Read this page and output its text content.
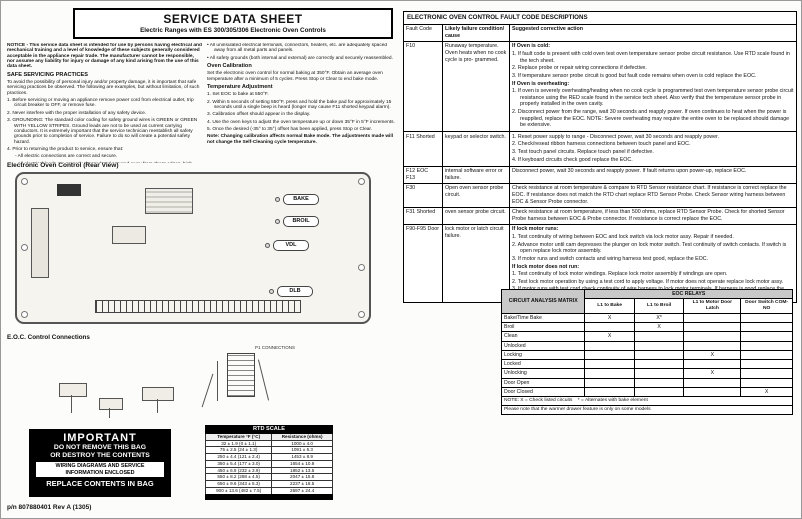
SERVICE DATA SHEET
Electric Ranges with ES 300/305/306 Electronic Oven Controls

NOTICE - This service data sheet is intended for use by persons having electrical and mechanical training and a level of knowledge of these subjects generally considered acceptable in the appliance repair trade. The manufacturer cannot be responsible, nor assume any liability for injury or damage of any kind arising from the use of this data sheet.

SAFE SERVICING PRACTICES

To avoid the possibility of personal injury and/or property damage, it is important that safe servicing practices be observed. The following are examples, but without limitation, of such practices.

1. Before servicing or moving an appliance remove power cord from electrical outlet, trip circuit breaker to OFF, or remove fuse.
2. Never interfere with the proper installation of any safety device.
3. GROUNDING: The standard color coding for safety ground wires is GREEN or GREEN WITH YELLOW STRIPES. Ground leads are not to be used as current carrying conductors. It is extremely important that the service technician reestablish all safety grounds prior to completion of service. Failure to do so will create a potential safety hazard.
4. Prior to returning the product to service, ensure that:
- All electric connections are correct and secure.
• All uninsulated electrical terminals, connectors, heaters, etc. are adequately spaced away from all metal parts and panels.
• All safety grounds (both internal and external) are correctly and securely reassembled.
Oven Calibration

Set the electronic oven control for normal baking at 350°F. Obtain an average oven temperature after a minimum of 5 cycles. Press Stop or Clear to end bake mode.

Temperature Adjustment
1. Set EOC to bake at 550°F.
2. Within 5 seconds of setting 550°F, press and hold the bake pad for approximately 15 seconds until a single beep is heard (longer may cause F11 shorted keypad alarm).
3. Calibration offset should appear in the display.
4. Use the oven keys to adjust the oven temperature up or down 35°F in 5°F increments.
5. Once the desired (-35° to 35°) offset has been applied, press Stop or Clear.

Note: Changing calibration affects normal Bake mode. The adjustments made will not change the Self-Cleaning cycle temperature.

Electronic Oven Control (Rear View)
BAKE
BROIL
VDL
DLB
E.O.C. Control Connections
P1 CONNECTIONS
IMPORTANT
DO NOT REMOVE THIS BAG
OR DESTROY THE CONTENTS
WIRING DIAGRAMS AND SERVICE
INFORMATION ENCLOSED
REPLACE CONTENTS IN BAG
RTD SCALE	
Temperature °F (°C)	Resistance (ohms)
32 ± 1.9 (0 ± 1.1)	1000 ± 4.0
75 ± 2.5 (24 ± 1.3)	1091 ± 5.3
250 ± 4.4 (121 ± 2.4)	1453 ± 8.9
350 ± 5.4 (177 ± 3.0)	1654 ± 10.8
450 ± 6.9 (232 ± 3.9)	1852 ± 13.5
550 ± 8.2 (288 ± 4.5)	2047 ± 15.8
650 ± 9.6 (343 ± 5.3)	2237 ± 18.5
900 ± 13.6 (482 ± 7.5)	2697 ± 24.4
p/n 807880401 Rev A (1305)
ELECTRONIC OVEN CONTROL FAULT CODE DESCRIPTIONS		
Fault Code	Likely failure condition/ cause	Suggested corrective action
F10	Runaway temperature. Oven heats when no cook cycle is pro- grammed.	
If Oven is cold:
1. If fault code is present with cold oven test oven temperature sensor probe circuit resistance. Use RTD scale found in the tech sheet.
2. Replace probe or repair wiring connections if defective.
3. If temperature sensor probe circuit is good but fault code remains when oven is cold replace the EOC.
If Oven is overheating:
1. If oven is severely overheating/heating when no cook cycle is programmed test oven temperature sensor probe circuit resistance using the RED scale found in the service tech sheet. Also verify that the temperature sensor probe in properly installed in the oven cavity.
2. Disconnect power from the range, wait 30 seconds and reapply power. If oven continues to heat when the power is reapplied, replace the EOC. NOTE: Severe overheating may require the entire oven to be replaced should damage be extensive.

F11 Shorted	keypad or selector switch.	1. Reset power supply to range - Disconnect power, wait 30 seconds and reapply power.
2. Check/reseat ribbon harness connections between touch panel and EOC.
3. Test touch panel circuits. Replace touch panel if defective.
4. If keyboard circuits check good replace the EOC.

F12 EOC
F13	internal software error or failure.	Disconnect power, wait 30 seconds and reapply power. If fault returns upon power-up, replace EOC.

F30	Open oven sensor probe circuit.	Check resistance at room temperature & compare to RTD Sensor resistance chart. If resistance is correct replace the EOC. If resistance does not match the RTD chart replace RTD Sensor Probe. Check Sensor wiring harness between EOC & Sensor Probe connector.

F31 Shorted	oven sensor probe circuit.	Check resistance at room temperature, if less than 500 ohms, replace RTD Sensor Probe. Check for shorted Sensor Probe harness between EOC & Probe connector. If resistance is correct replace the EOC.

F90-F95 Door	lock motor or latch circuit failure.	
If lock motor runs:
1. Test continuity of wiring between EOC and lock switch via lock motor assy. Repair if needed.
2. Advance motor until cam depresses the plunger on lock motor switch. Test continuity of switch contacts. If switch is open replace lock motor assembly.
3. If motor runs and switch contacts and wiring harness test good, replace the EOC.
If lock motor does not run:
1. Test continuity of lock motor windings. Replace lock motor assembly if windings are open.
2. Test lock motor operation by using a test cord to apply voltage. If motor does not operate replace lock motor assy.
CIRCUIT ANALYSIS MATRIX	EOC RELAYS			
	L1 to Bake	L1 to Broil	L1 to Motor Door Latch	Door Switch COM-NO
Bake/Time Bake	X	X*		
Broil		X		
Clean	X			
Unlocked				
Locking			X	
Locked				
Unlocking			X	
Door Open				
Door Closed				X
NOTE: X = Check listed circuits * = Alternates with bake element				
Please note that the warmer drawer feature is only on some models				
